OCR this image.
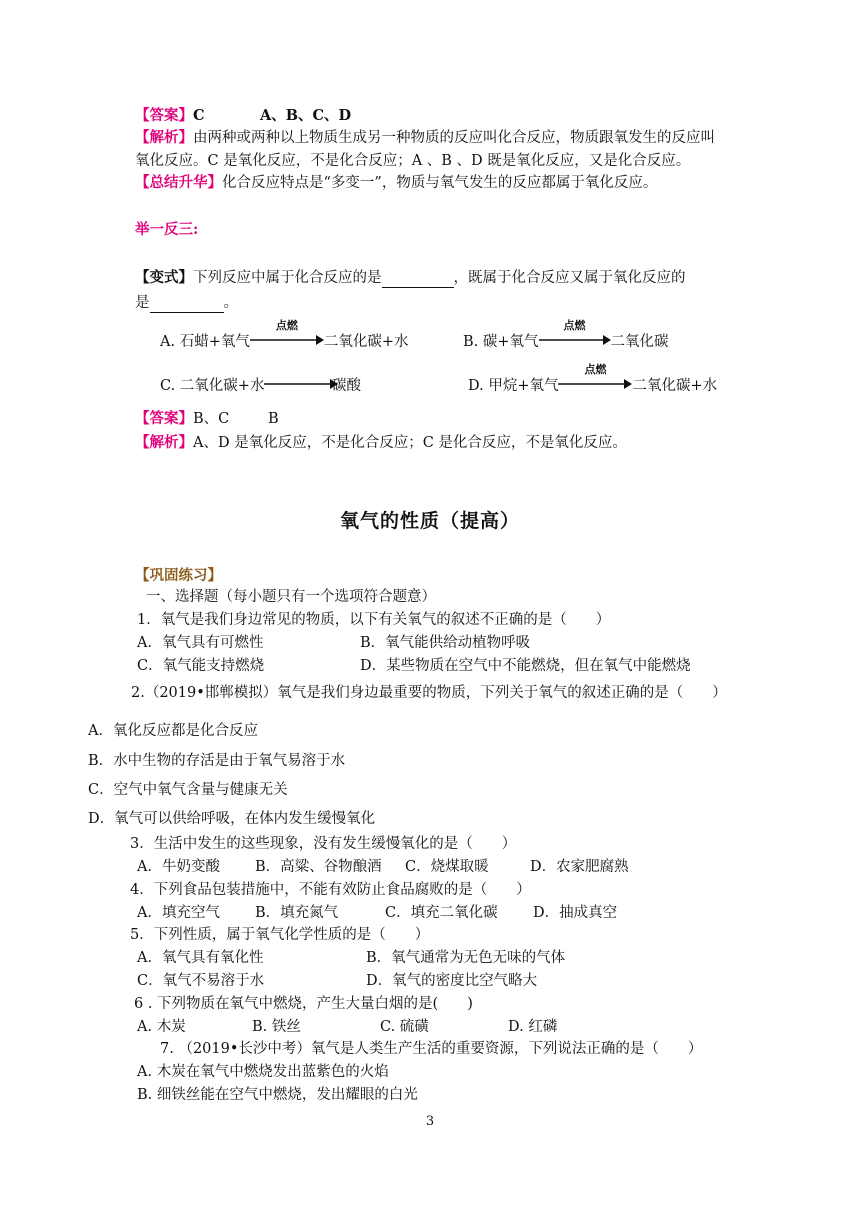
【答案】C	A、B、C、D
【解析】由两种或两种以上物质生成另一种物质的反应叫化合反应，物质跟氧发生的反应叫
氧化反应。C 是氧化反应，不是化合反应；A 、B 、D 既是氧化反应，又是化合反应。
【总结升华】化合反应特点是“多变一”，物质与氧气发生的反应都属于氧化反应。
举一反三:
【变式】下列反应中属于化合反应的是	，既属于化合反应又属于氧化反应的
是	。
A. 石蜡+氧气
点燃
二氧化碳+水	B. 碳+氧气
点燃
二氧化碳
C. 二氧化碳+水	碳酸	D. 甲烷+氧气
点燃
二氧化碳+水
【答案】B、C	B
【解析】A、D 是氧化反应，不是化合反应；C 是化合反应，不是氧化反应。
氧气的性质（提高）
【巩固练习】
一、选择题（每小题只有一个选项符合题意）
1．氧气是我们身边常见的物质，以下有关氧气的叙述不正确的是（　　）
A．氧气具有可燃性	B．氧气能供给动植物呼吸
C．氧气能支持燃烧	D．某些物质在空气中不能燃烧，但在氧气中能燃烧
2.（2019•邯郸模拟）氧气是我们身边最重要的物质，下列关于氧气的叙述正确的是（　　）
A．氧化反应都是化合反应
B．水中生物的存活是由于氧气易溶于水
C．空气中氧气含量与健康无关
D．氧气可以供给呼吸，在体内发生缓慢氧化
3．生活中发生的这些现象，没有发生缓慢氧化的是（　　）
A．牛奶变酸 B．高粱、谷物酿酒 C．烧煤取暖	D．农家肥腐熟
4．下列食品包装措施中，不能有效防止食品腐败的是（　　）
A．填充空气 B．填充氮气	C．填充二氧化碳 D．抽成真空
5．下列性质，属于氧气化学性质的是（　　）
A．氧气具有氧化性	B．氧气通常为无色无味的气体
C．氧气不易溶于水	D．氧气的密度比空气略大
6 . 下列物质在氧气中燃烧，产生大量白烟的是(　　)
A. 木炭	B. 铁丝	C. 硫磺	D. 红磷
7. （2019•长沙中考）氧气是人类生产生活的重要资源，下列说法正确的是（　　）
A. 木炭在氧气中燃烧发出蓝紫色的火焰
B. 细铁丝能在空气中燃烧，发出耀眼的白光
3
